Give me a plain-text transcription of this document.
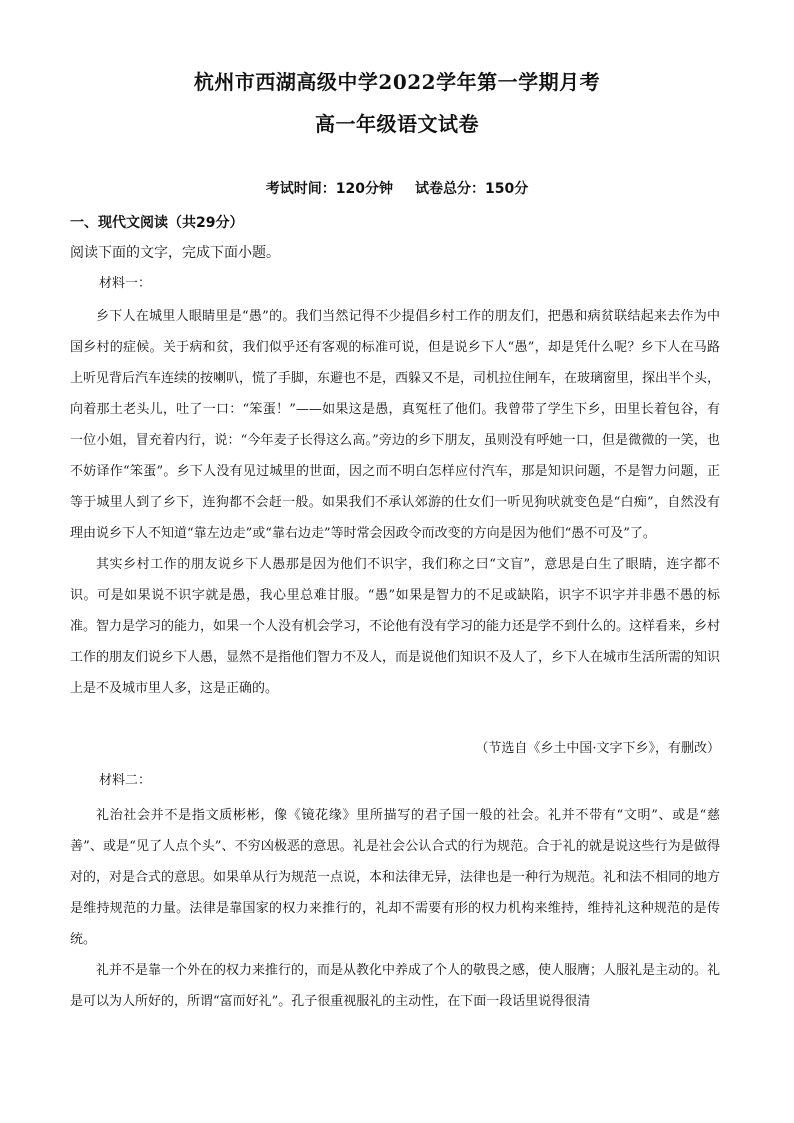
杭州市西湖高级中学2022学年第一学期月考
高一年级语文试卷
考试时间：120分钟 试卷总分：150分
一、现代文阅读（共29分）
阅读下面的文字，完成下面小题。
材料一：

乡下人在城里人眼睛里是“愚”的。我们当然记得不少提倡乡村工作的朋友们，把愚和病贫联结起来去作为中国乡村的症候。关于病和贫，我们似乎还有客观的标准可说，但是说乡下人“愚”，却是凭什么呢？乡下人在马路上听见背后汽车连续的按喇叭，慌了手脚，东避也不是，西躲又不是，司机拉住闸车，在玻璃窗里，探出半个头，向着那土老头儿，吐了一口：“笨蛋！”——如果这是愚，真冤枉了他们。我曾带了学生下乡，田里长着包谷，有一位小姐，冒充着内行，说：“今年麦子长得这么高。”旁边的乡下朋友，虽则没有呼她一口，但是微微的一笑，也不妨译作“笨蛋”。乡下人没有见过城里的世面，因之而不明白怎样应付汽车，那是知识问题，不是智力问题，正等于城里人到了乡下，连狗都不会赶一般。如果我们不承认郊游的仕女们一听见狗吠就变色是“白痴”，自然没有理由说乡下人不知道“靠左边走”或“靠右边走”等时常会因政令而改变的方向是因为他们“愚不可及”了。

其实乡村工作的朋友说乡下人愚那是因为他们不识字，我们称之曰“文盲”，意思是白生了眼睛，连字都不识。可是如果说不识字就是愚，我心里总难甘服。“愚”如果是智力的不足或缺陷，识字不识字并非愚不愚的标准。智力是学习的能力，如果一个人没有机会学习，不论他有没有学习的能力还是学不到什么的。这样看来，乡村工作的朋友们说乡下人愚，显然不是指他们智力不及人，而是说他们知识不及人了，乡下人在城市生活所需的知识上是不及城市里人多，这是正确的。

（节选自《乡土中国·文字下乡》，有删改）
材料二：

礼治社会并不是指文质彬彬，像《镜花缘》里所描写的君子国一般的社会。礼并不带有“文明”、或是“慈善”、或是“见了人点个头”、不穷凶极恶的意思。礼是社会公认合式的行为规范。合于礼的就是说这些行为是做得对的，对是合式的意思。如果单从行为规范一点说，本和法律无异，法律也是一种行为规范。礼和法不相同的地方是维持规范的力量。法律是靠国家的权力来推行的，礼却不需要有形的权力机构来维持，维持礼这种规范的是传统。

礼并不是靠一个外在的权力来推行的，而是从教化中养成了个人的敬畏之感，使人服膺；人服礼是主动的。礼是可以为人所好的，所谓“富而好礼”。孔子很重视服礼的主动性，在下面一段话里说得很清
